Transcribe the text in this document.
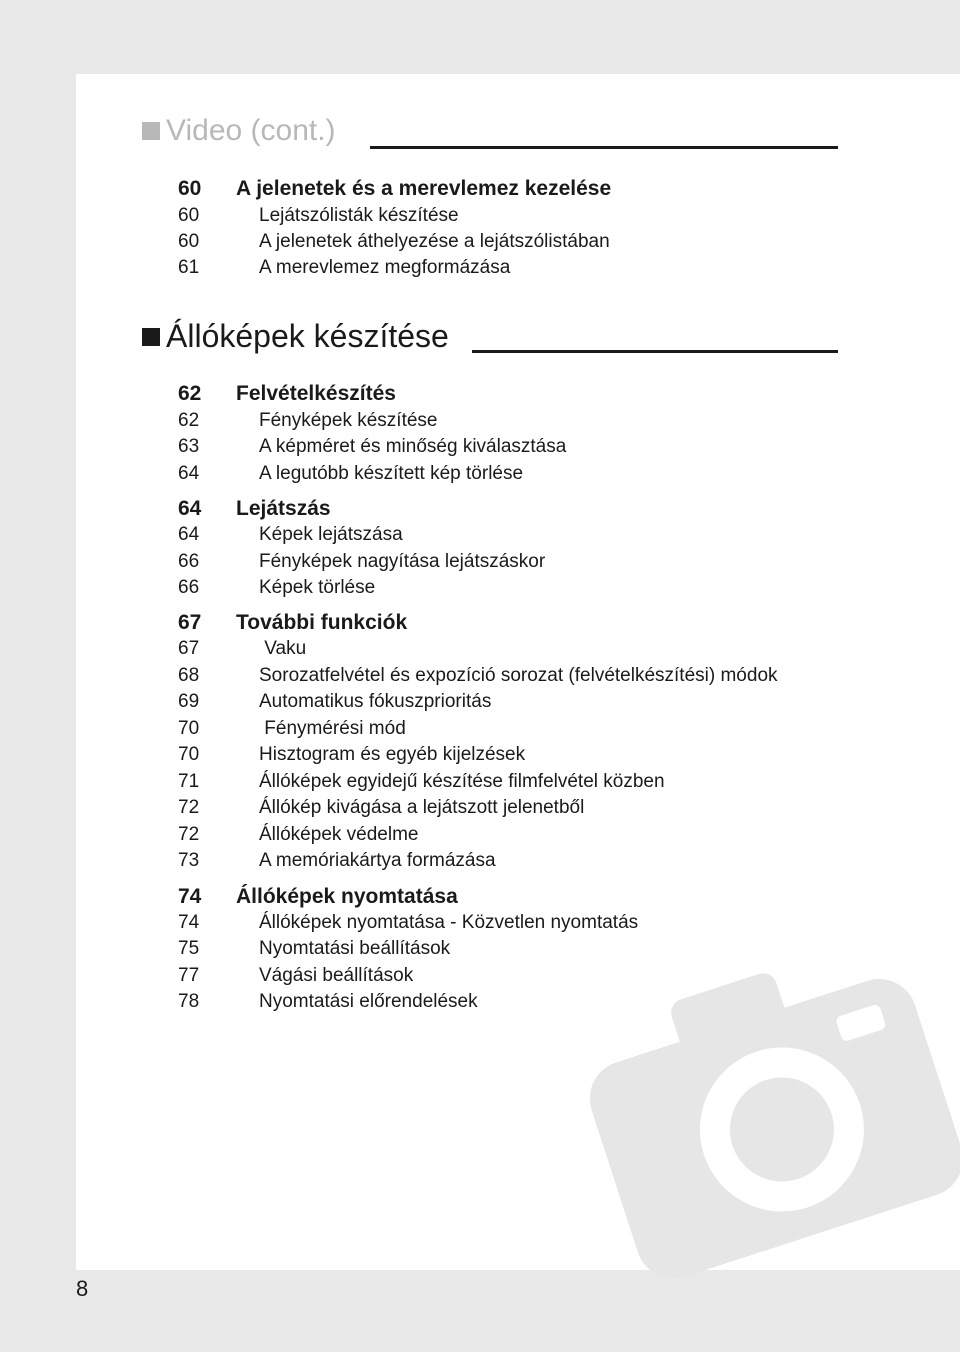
Video (cont.)
Állóképek készítése
60 A jelenetek és a merevlemez kezelése
60	Lejátszólisták készítése
60	A jelenetek áthelyezése a lejátszólistában
61	A merevlemez megformázása
62 Felvételkészítés
62	Fényképek készítése
63	A képméret és minőség kiválasztása
64	A legutóbb készített kép törlése
64 Lejátszás
64	Képek lejátszása
66	Fényképek nagyítása lejátszáskor
66	Képek törlése
67 További funkciók
67	Vaku
68	Sorozatfelvétel és expozíció sorozat (felvételkészítési) módok
69	Automatikus fókuszprioritás
70	Fénymérési mód
70	Hisztogram és egyéb kijelzések
71	Állóképek egyidejű készítése filmfelvétel közben
72	Állókép kivágása a lejátszott jelenetből
72	Állóképek védelme
73	A memóriakártya formázása
74 Állóképek nyomtatása
74	Állóképek nyomtatása - Közvetlen nyomtatás
75	Nyomtatási beállítások
77	Vágási beállítások
78	Nyomtatási előrendelések
8
